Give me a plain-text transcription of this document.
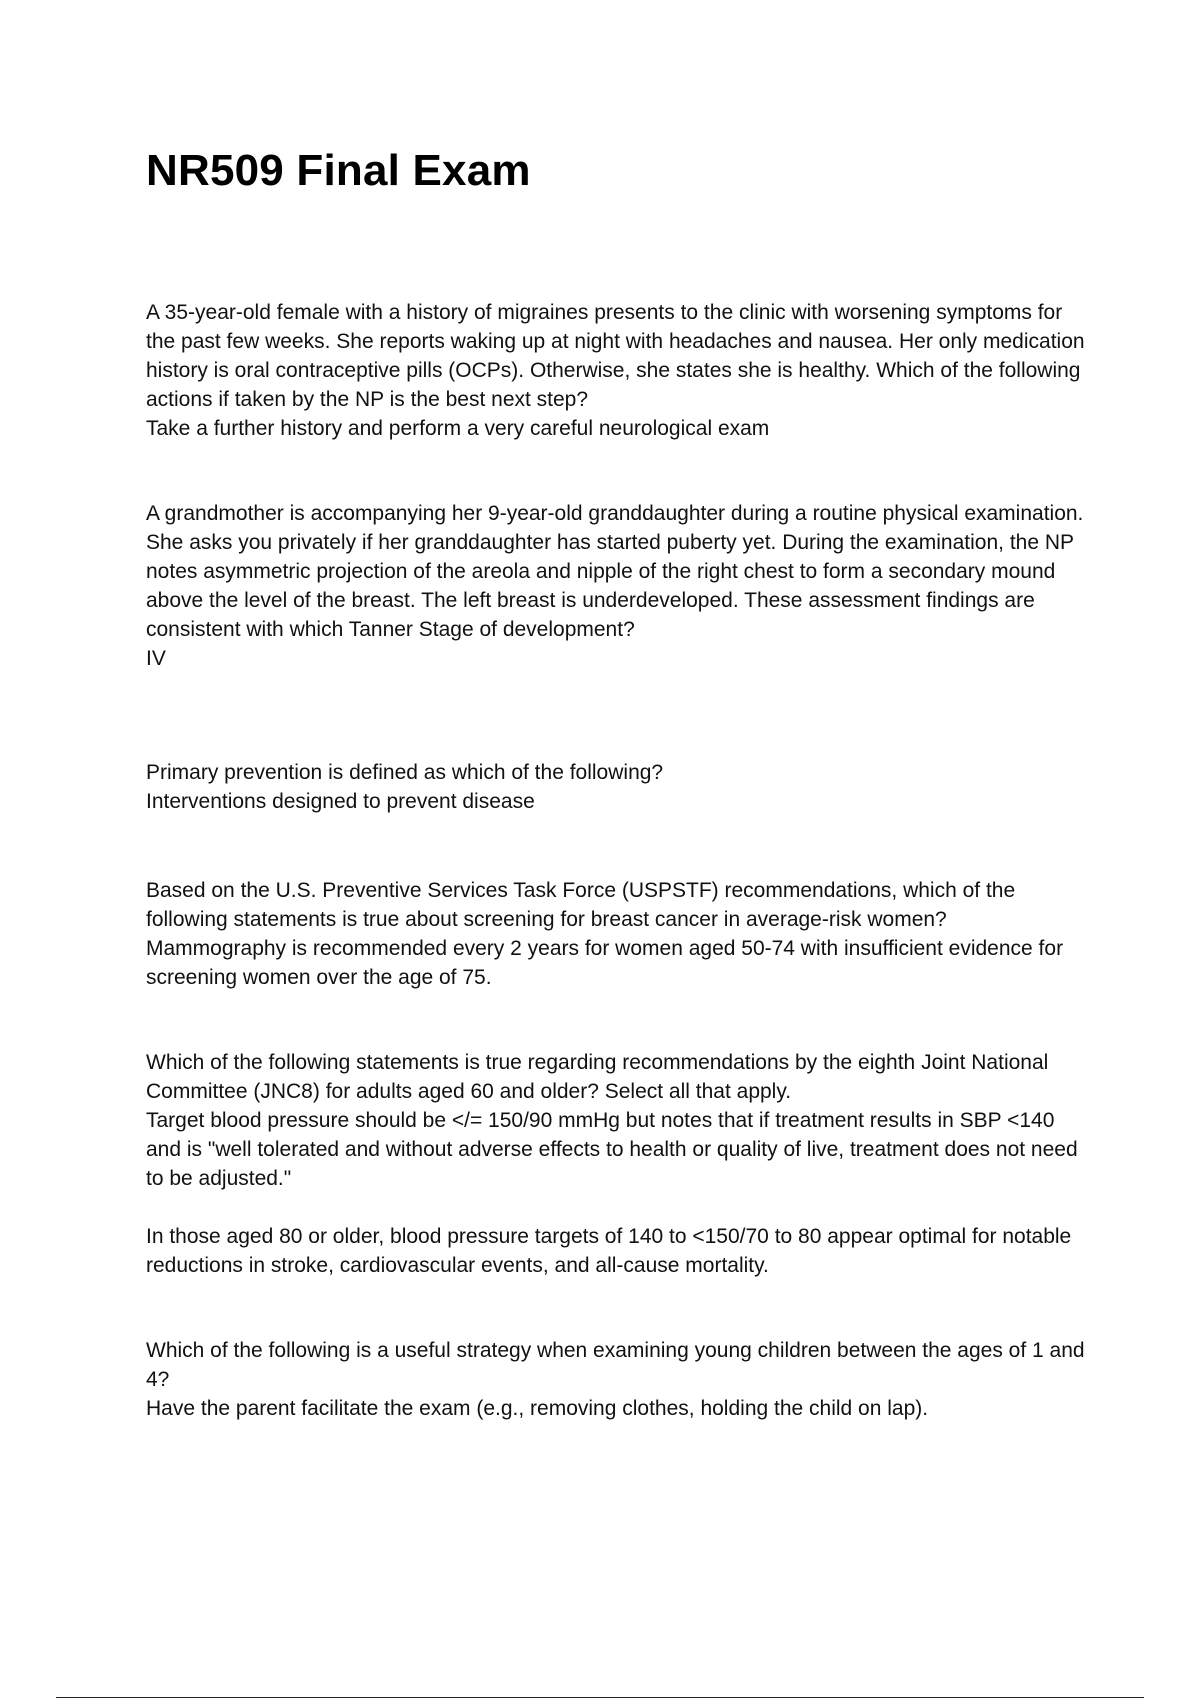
NR509 Final Exam

A 35-year-old female with a history of migraines presents to the clinic with worsening symptoms for the past few weeks. She reports waking up at night with headaches and nausea. Her only medication history is oral contraceptive pills (OCPs). Otherwise, she states she is healthy. Which of the following actions if taken by the NP is the best next step?

Take a further history and perform a very careful neurological exam

A grandmother is accompanying her 9-year-old granddaughter during a routine physical examination. She asks you privately if her granddaughter has started puberty yet. During the examination, the NP notes asymmetric projection of the areola and nipple of the right chest to form a secondary mound above the level of the breast. The left breast is underdeveloped. These assessment findings are consistent with which Tanner Stage of development?

IV

Primary prevention is defined as which of the following?

Interventions designed to prevent disease

Based on the U.S. Preventive Services Task Force (USPSTF) recommendations, which of the following statements is true about screening for breast cancer in average-risk women?

Mammography is recommended every 2 years for women aged 50-74 with insufficient evidence for screening women over the age of 75.

Which of the following statements is true regarding recommendations by the eighth Joint National Committee (JNC8) for adults aged 60 and older? Select all that apply.

Target blood pressure should be </= 150/90 mmHg but notes that if treatment results in SBP <140 and is "well tolerated and without adverse effects to health or quality of live, treatment does not need to be adjusted."

In those aged 80 or older, blood pressure targets of 140 to <150/70 to 80 appear optimal for notable reductions in stroke, cardiovascular events, and all-cause mortality.

Which of the following is a useful strategy when examining young children between the ages of 1 and 4?

Have the parent facilitate the exam (e.g., removing clothes, holding the child on lap).
